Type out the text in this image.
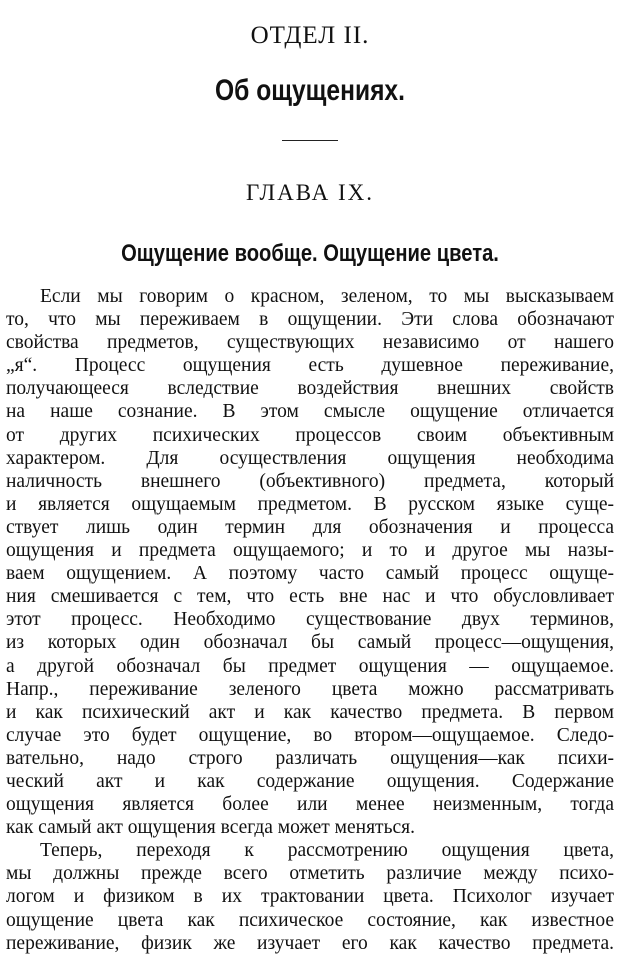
ОТДЕЛ II.
Об ощущениях.
ГЛАВА IX.
Ощущение вообще. Ощущение цвета.
Если мы говорим о красном, зеленом, то мы высказываем
то, что мы переживаем в ощущении. Эти слова обозначают
свойства предметов, существующих независимо от нашего
„я“. Процесс ощущения есть душевное переживание,
получающееся вследствие воздействия внешних свойств
на наше сознание. В этом смысле ощущение отличается
от других психических процессов своим объективным
характером. Для осуществления ощущения необходима
наличность внешнего (объективного) предмета, который
и является ощущаемым предметом. В русском языке суще-
ствует лишь один термин для обозначения и процесса
ощущения и предмета ощущаемого; и то и другое мы назы-
ваем ощущением. А поэтому часто самый процесс ощуще-
ния смешивается с тем, что есть вне нас и что обусловливает
этот процесс. Необходимо существование двух терминов,
из которых один обозначал бы самый процесс—ощущения,
а другой обозначал бы предмет ощущения — ощущаемое.
Напр., переживание зеленого цвета можно рассматривать
и как психический акт и как качество предмета. В первом
случае это будет ощущение, во втором—ощущаемое. Следо-
вательно, надо строго различать ощущения—как психи-
ческий акт и как содержание ощущения. Содержание
ощущения является более или менее неизменным, тогда
как самый акт ощущения всегда может меняться.
Теперь, переходя к рассмотрению ощущения цвета,
мы должны прежде всего отметить различие между психо-
логом и физиком в их трактовании цвета. Психолог изучает
ощущение цвета как психическое состояние, как известное
переживание, физик же изучает его как качество предмета.
